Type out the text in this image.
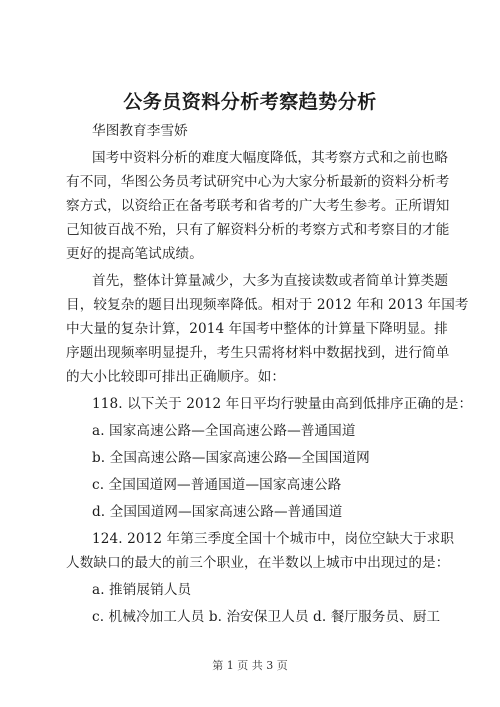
公务员资料分析考察趋势分析
华图教育李雪娇
国考中资料分析的难度大幅度降低，其考察方式和之前也略
有不同，华图公务员考试研究中心为大家分析最新的资料分析考
察方式，以资给正在备考联考和省考的广大考生参考。正所谓知
己知彼百战不殆，只有了解资料分析的考察方式和考察目的才能
更好的提高笔试成绩。
首先，整体计算量减少，大多为直接读数或者简单计算类题
目，较复杂的题目出现频率降低。相对于 2012 年和 2013 年国考
中大量的复杂计算，2014 年国考中整体的计算量下降明显。排
序题出现频率明显提升，考生只需将材料中数据找到，进行简单
的大小比较即可排出正确顺序。如：
118. 以下关于 2012 年日平均行驶量由高到低排序正确的是：
a. 国家高速公路—全国高速公路—普通国道
b. 全国高速公路—国家高速公路—全国国道网
c. 全国国道网—普通国道—国家高速公路
d. 全国国道网—国家高速公路—普通国道
124. 2012 年第三季度全国十个城市中，岗位空缺大于求职
人数缺口的最大的前三个职业，在半数以上城市中出现过的是：
a. 推销展销人员
c. 机械冷加工人员 b. 治安保卫人员 d. 餐厅服务员、厨工
第 1 页 共 3 页
